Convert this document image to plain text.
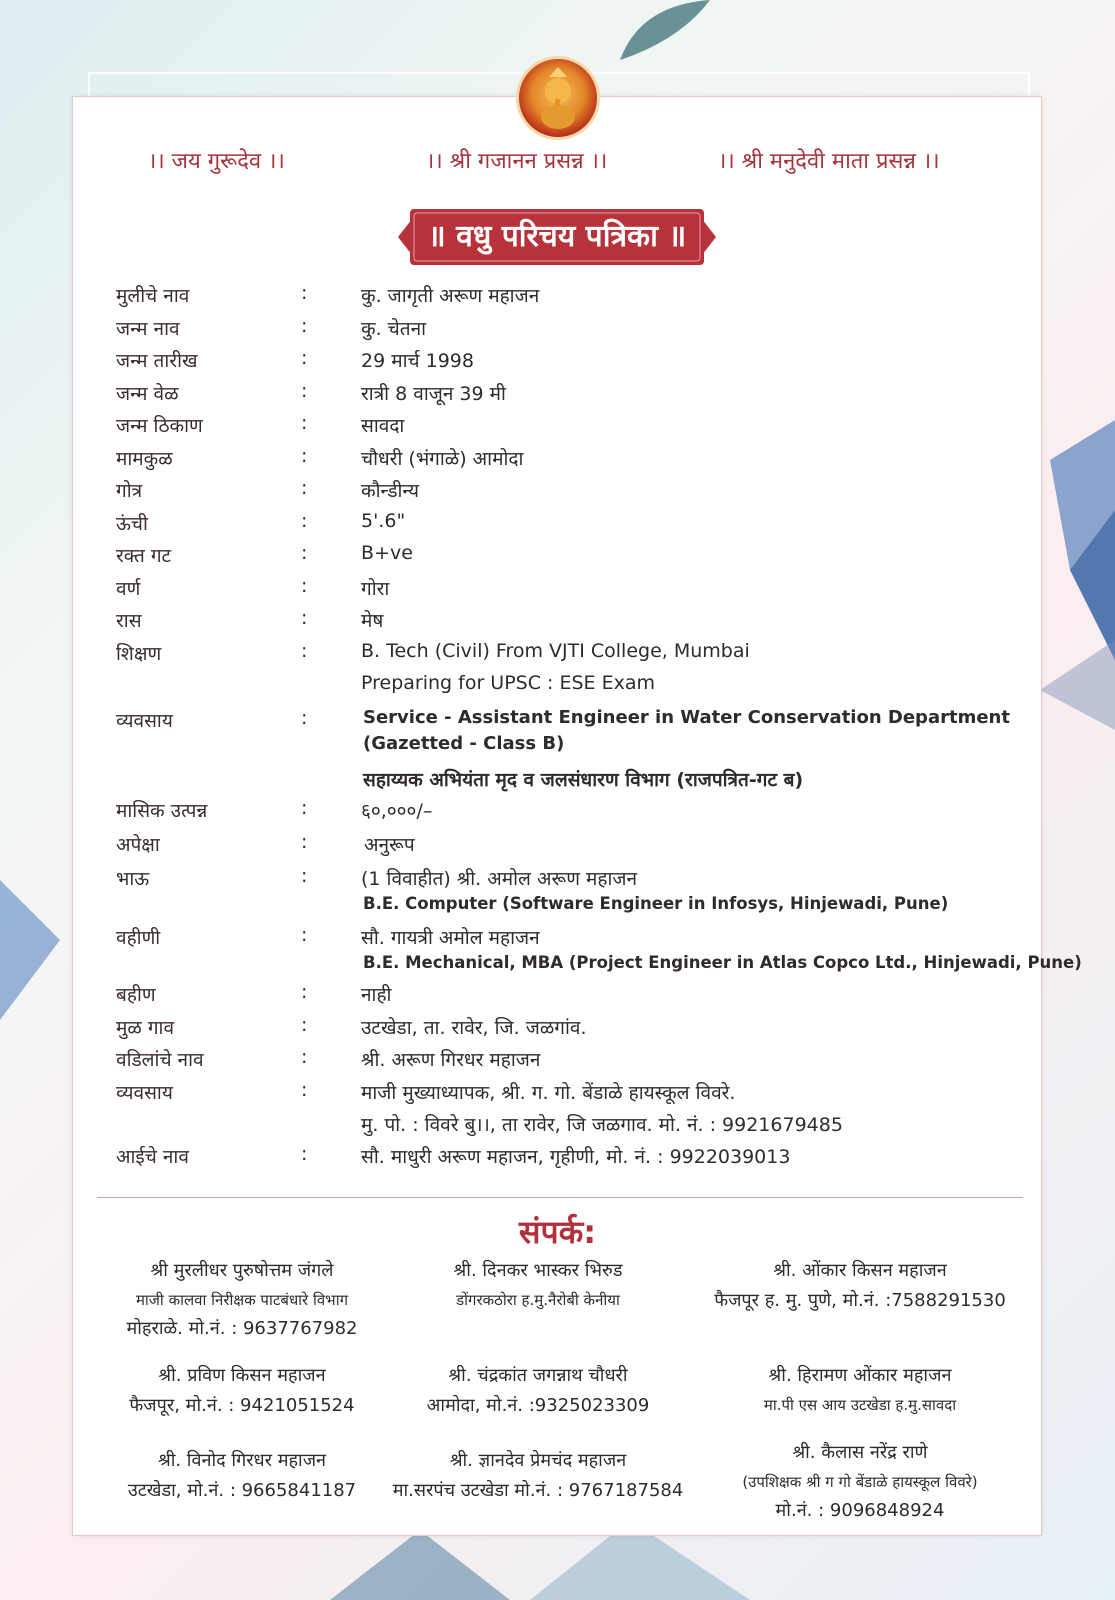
।। जय गुरूदेव ।।	।। श्री गजानन प्रसन्न ।।	।। श्री मनुदेवी माता प्रसन्न ।।
॥ वधु परिचय पत्रिका ॥
मुलीचे नाव	:	कु. जागृती अरूण महाजन
जन्म नाव	:	कु. चेतना
जन्म तारीख	:	29 मार्च 1998
जन्म वेळ	:	रात्री 8 वाजून 39 मी
जन्म ठिकाण	:	सावदा
मामकुळ	:	चौधरी (भंगाळे) आमोदा
गोत्र	:	कौन्डीन्य
ऊंची	:	5'.6"
रक्त गट	:	B+ve
वर्ण	:	गोरा
रास	:	मेष
शिक्षण	:	B. Tech (Civil) From VJTI College, Mumbai
Preparing for UPSC : ESE Exam
व्यवसाय	:	Service - Assistant Engineer in Water Conservation Department
(Gazetted - Class B)
सहाय्यक अभियंता मृद व जलसंधारण विभाग (राजपत्रित-गट ब)
मासिक उत्पन्न	:	६०,०००/–
अपेक्षा	:	अनुरूप
भाऊ	:	(1 विवाहीत) श्री. अमोल अरूण महाजन
B.E. Computer (Software Engineer in Infosys, Hinjewadi, Pune)
वहीणी	:	सौ. गायत्री अमोल महाजन
B.E. Mechanical, MBA (Project Engineer in Atlas Copco Ltd., Hinjewadi, Pune)
बहीण	:	नाही
मुळ गाव	:	उटखेडा, ता. रावेर, जि. जळगांव.
वडिलांचे नाव	:	श्री. अरूण गिरधर महाजन
व्यवसाय	:	माजी मुख्याध्यापक, श्री. ग. गो. बेंडाळे हायस्कूल विवरे.
मु. पो. : विवरे बु।।, ता रावेर, जि जळगाव. मो. नं. : 9921679485
आईचे नाव	:	सौ. माधुरी अरूण महाजन, गृहीणी, मो. नं. : 9922039013
संपर्क:
श्री मुरलीधर पुरुषोत्तम जंगले
माजी कालवा निरीक्षक पाटबंधारे विभाग
मोहराळे. मो.नं. : 9637767982
श्री. दिनकर भास्कर भिरुड
डोंगरकठोरा ह.मु.नैरोबी केनीया
श्री. ओंकार किसन महाजन
फैजपूर ह. मु. पुणे, मो.नं. :7588291530
श्री. प्रविण किसन महाजन
फैजपूर, मो.नं. : 9421051524
श्री. चंद्रकांत जगन्नाथ चौधरी
आमोदा, मो.नं. :9325023309
श्री. हिरामण ओंकार महाजन
मा.पी एस आय उटखेडा ह.मु.सावदा
श्री. विनोद गिरधर महाजन
उटखेडा, मो.नं. : 9665841187
श्री. ज्ञानदेव प्रेमचंद महाजन
मा.सरपंच उटखेडा मो.नं. : 9767187584
श्री. कैलास नरेंद्र राणे
(उपशिक्षक श्री ग गो बेंडाळे हायस्कूल विवरे)
मो.नं. : 9096848924
